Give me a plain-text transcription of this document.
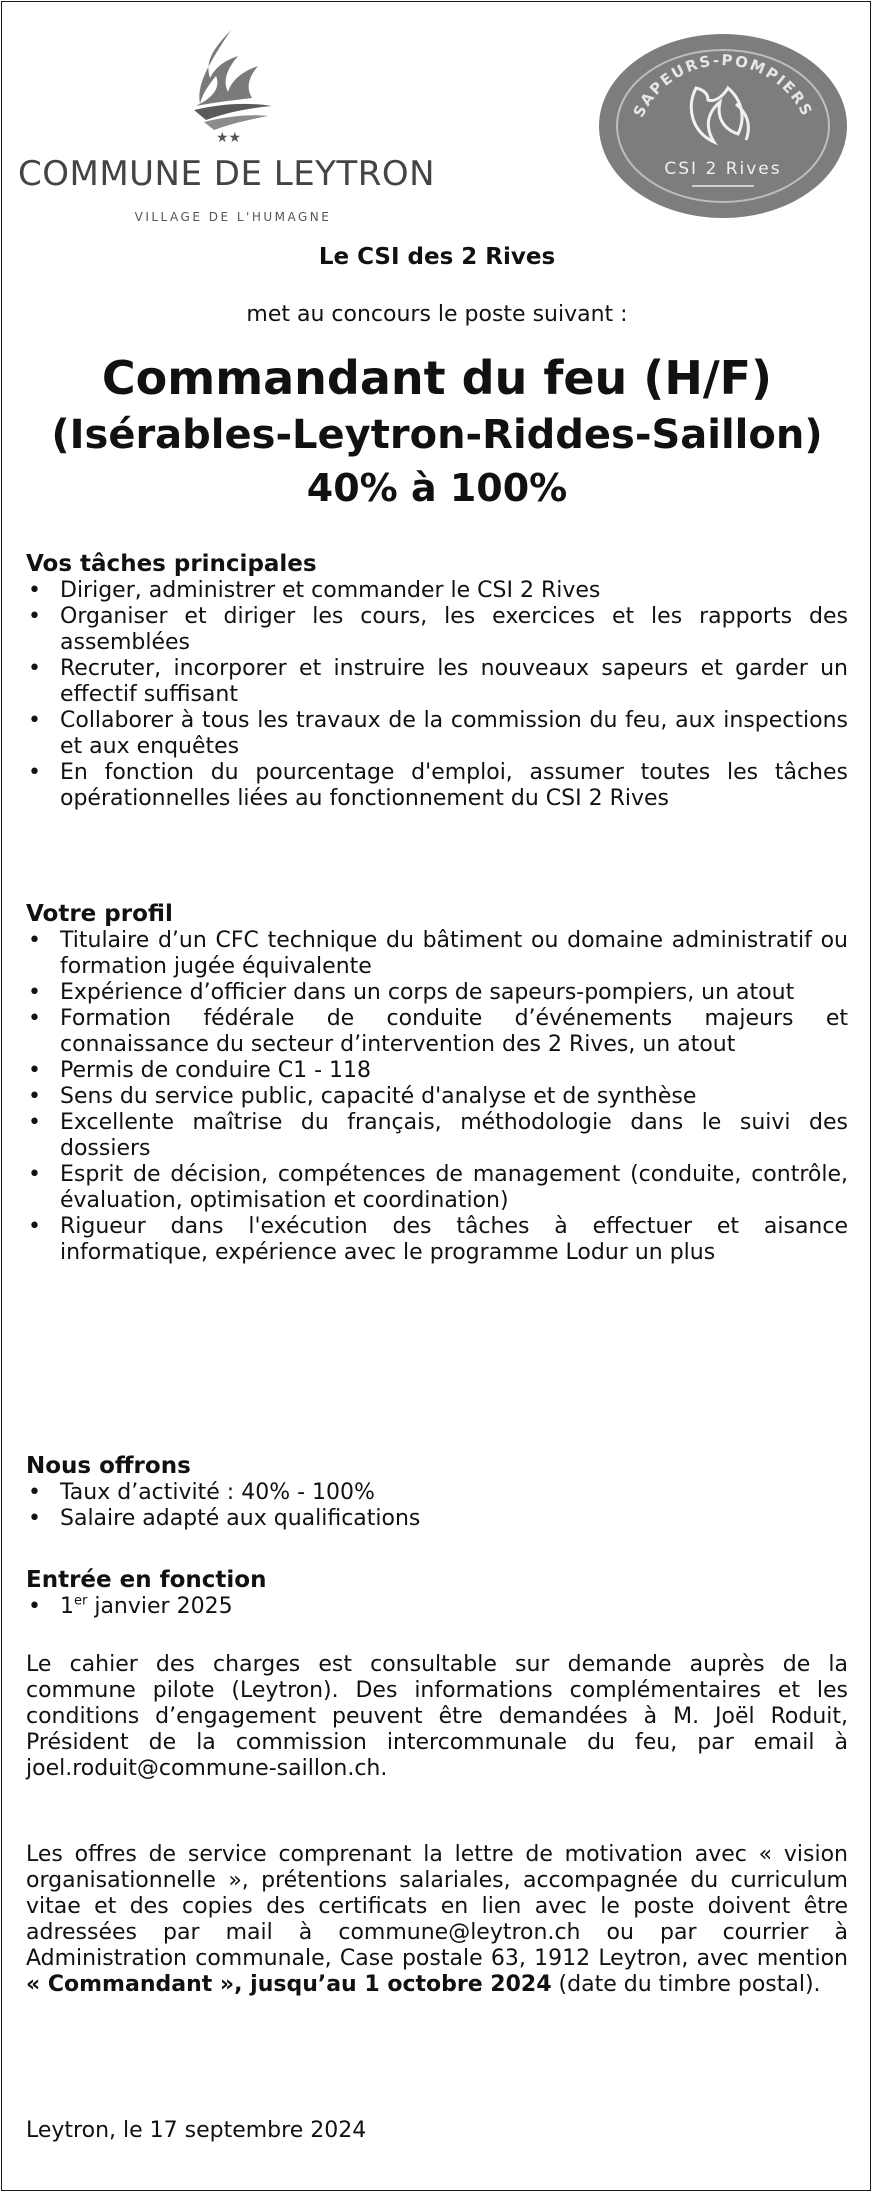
★★
COMMUNE DE LEYTRON
VILLAGE DE L'HUMAGNE
SAPEURS-POMPIERS
CSI 2 Rives
Le CSI des 2 Rives
met au concours le poste suivant :
Commandant du feu (H/F)
(Isérables-Leytron-Riddes-Saillon)
40% à 100%

Vos tâches principales

• Diriger, administrer et commander le CSI 2 Rives
• Organiser et diriger les cours, les exercices et les rapports des assemblées
• Recruter, incorporer et instruire les nouveaux sapeurs et garder un effectif suffisant
• Collaborer à tous les travaux de la commission du feu, aux inspections et aux enquêtes
• En fonction du pourcentage d'emploi, assumer toutes les tâches opérationnelles liées au fonctionnement du CSI 2 Rives

Votre profil

• Titulaire d’un CFC technique du bâtiment ou domaine administratif ou formation jugée équivalente
• Expérience d’officier dans un corps de sapeurs-pompiers, un atout
• Formation fédérale de conduite d’événements majeurs et connaissance du secteur d’intervention des 2 Rives, un atout
• Permis de conduire C1 - 118
• Sens du service public, capacité d'analyse et de synthèse
• Excellente maîtrise du français, méthodologie dans le suivi des dossiers
• Esprit de décision, compétences de management (conduite, contrôle, évaluation, optimisation et coordination)
• Rigueur dans l'exécution des tâches à effectuer et aisance informatique, expérience avec le programme Lodur un plus

Nous offrons

• Taux d’activité : 40% - 100%
• Salaire adapté aux qualifications

Entrée en fonction

• 1er janvier 2025

Le cahier des charges est consultable sur demande auprès de la commune pilote (Leytron). Des informations complémentaires et les conditions d’engagement peuvent être demandées à M. Joël Roduit, Président de la commission intercommunale du feu, par email à joel.roduit@commune-saillon.ch.

Les offres de service comprenant la lettre de motivation avec « vision organisationnelle », prétentions salariales, accompagnée du curriculum vitae et des copies des certificats en lien avec le poste doivent être adressées par mail à commune@leytron.ch ou par courrier à Administration communale, Case postale 63, 1912 Leytron, avec mention « Commandant », jusqu’au 1 octobre 2024 (date du timbre postal).

Leytron, le 17 septembre 2024
